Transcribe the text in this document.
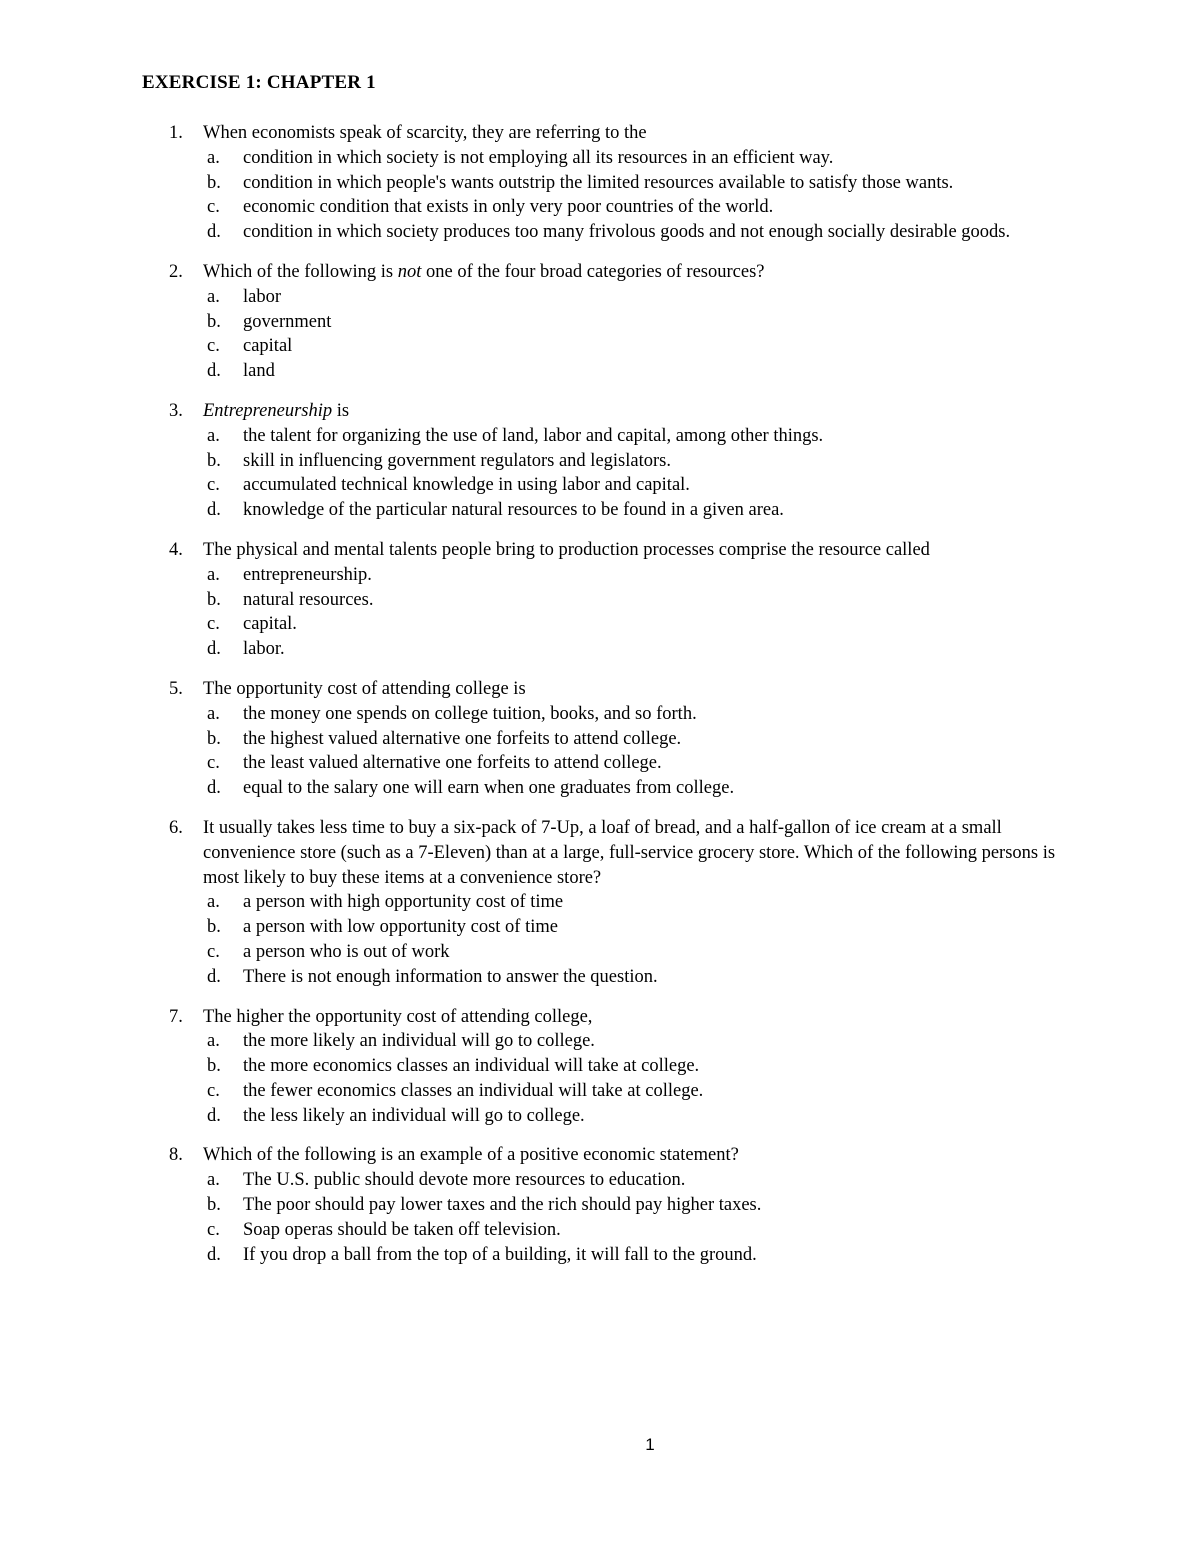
EXERCISE 1: CHAPTER 1
1. When economists speak of scarcity, they are referring to the
a. condition in which society is not employing all its resources in an efficient way.
b. condition in which people's wants outstrip the limited resources available to satisfy those wants.
c. economic condition that exists in only very poor countries of the world.
d. condition in which society produces too many frivolous goods and not enough socially desirable goods.
2. Which of the following is not one of the four broad categories of resources?
a. labor
b. government
c. capital
d. land
3. Entrepreneurship is
a. the talent for organizing the use of land, labor and capital, among other things.
b. skill in influencing government regulators and legislators.
c. accumulated technical knowledge in using labor and capital.
d. knowledge of the particular natural resources to be found in a given area.
4. The physical and mental talents people bring to production processes comprise the resource called
a. entrepreneurship.
b. natural resources.
c. capital.
d. labor.
5. The opportunity cost of attending college is
a. the money one spends on college tuition, books, and so forth.
b. the highest valued alternative one forfeits to attend college.
c. the least valued alternative one forfeits to attend college.
d. equal to the salary one will earn when one graduates from college.
6. It usually takes less time to buy a six-pack of 7-Up, a loaf of bread, and a half-gallon of ice cream at a small convenience store (such as a 7-Eleven) than at a large, full-service grocery store. Which of the following persons is most likely to buy these items at a convenience store?
a. a person with high opportunity cost of time
b. a person with low opportunity cost of time
c. a person who is out of work
d. There is not enough information to answer the question.
7. The higher the opportunity cost of attending college,
a. the more likely an individual will go to college.
b. the more economics classes an individual will take at college.
c. the fewer economics classes an individual will take at college.
d. the less likely an individual will go to college.
8. Which of the following is an example of a positive economic statement?
a. The U.S. public should devote more resources to education.
b. The poor should pay lower taxes and the rich should pay higher taxes.
c. Soap operas should be taken off television.
d. If you drop a ball from the top of a building, it will fall to the ground.
1
